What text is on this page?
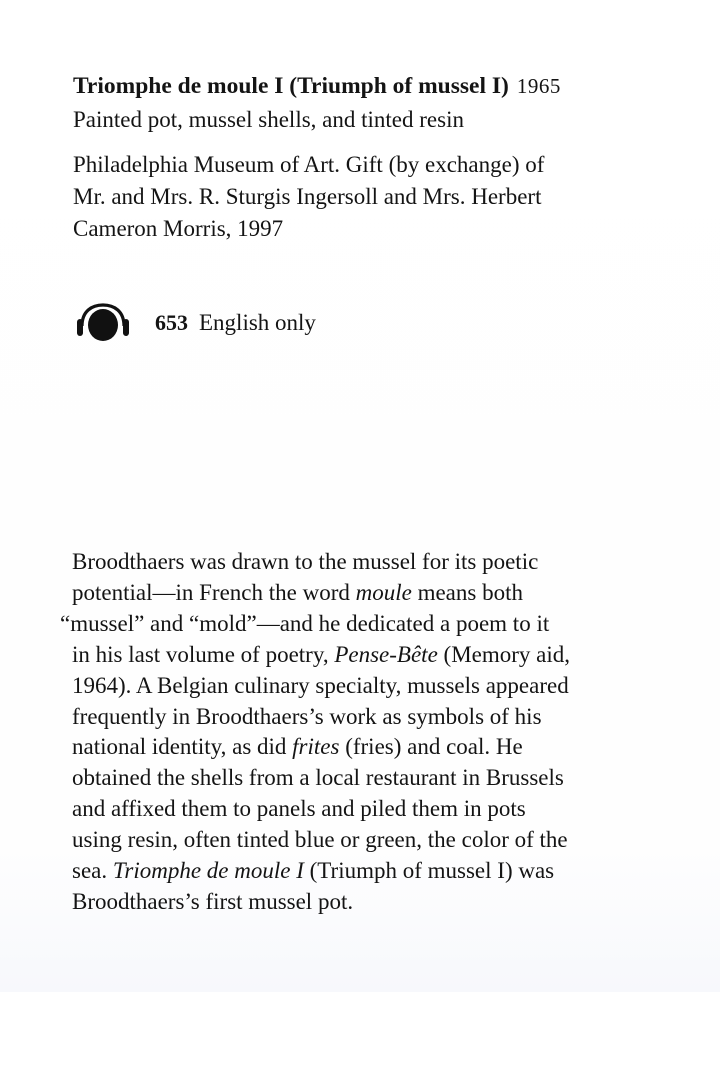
Triomphe de moule I (Triumph of mussel I) 1965
Painted pot, mussel shells, and tinted resin
Philadelphia Museum of Art. Gift (by exchange) of
Mr. and Mrs. R. Sturgis Ingersoll and Mrs. Herbert
Cameron Morris, 1997
653 English only
Broodthaers was drawn to the mussel for its poetic
potential—in French the word moule means both
“mussel” and “mold”—and he dedicated a poem to it
in his last volume of poetry, Pense-Bête (Memory aid,
1964). A Belgian culinary specialty, mussels appeared
frequently in Broodthaers’s work as symbols of his
national identity, as did frites (fries) and coal. He
obtained the shells from a local restaurant in Brussels
and affixed them to panels and piled them in pots
using resin, often tinted blue or green, the color of the
sea. Triomphe de moule I (Triumph of mussel I) was
Broodthaers’s first mussel pot.
